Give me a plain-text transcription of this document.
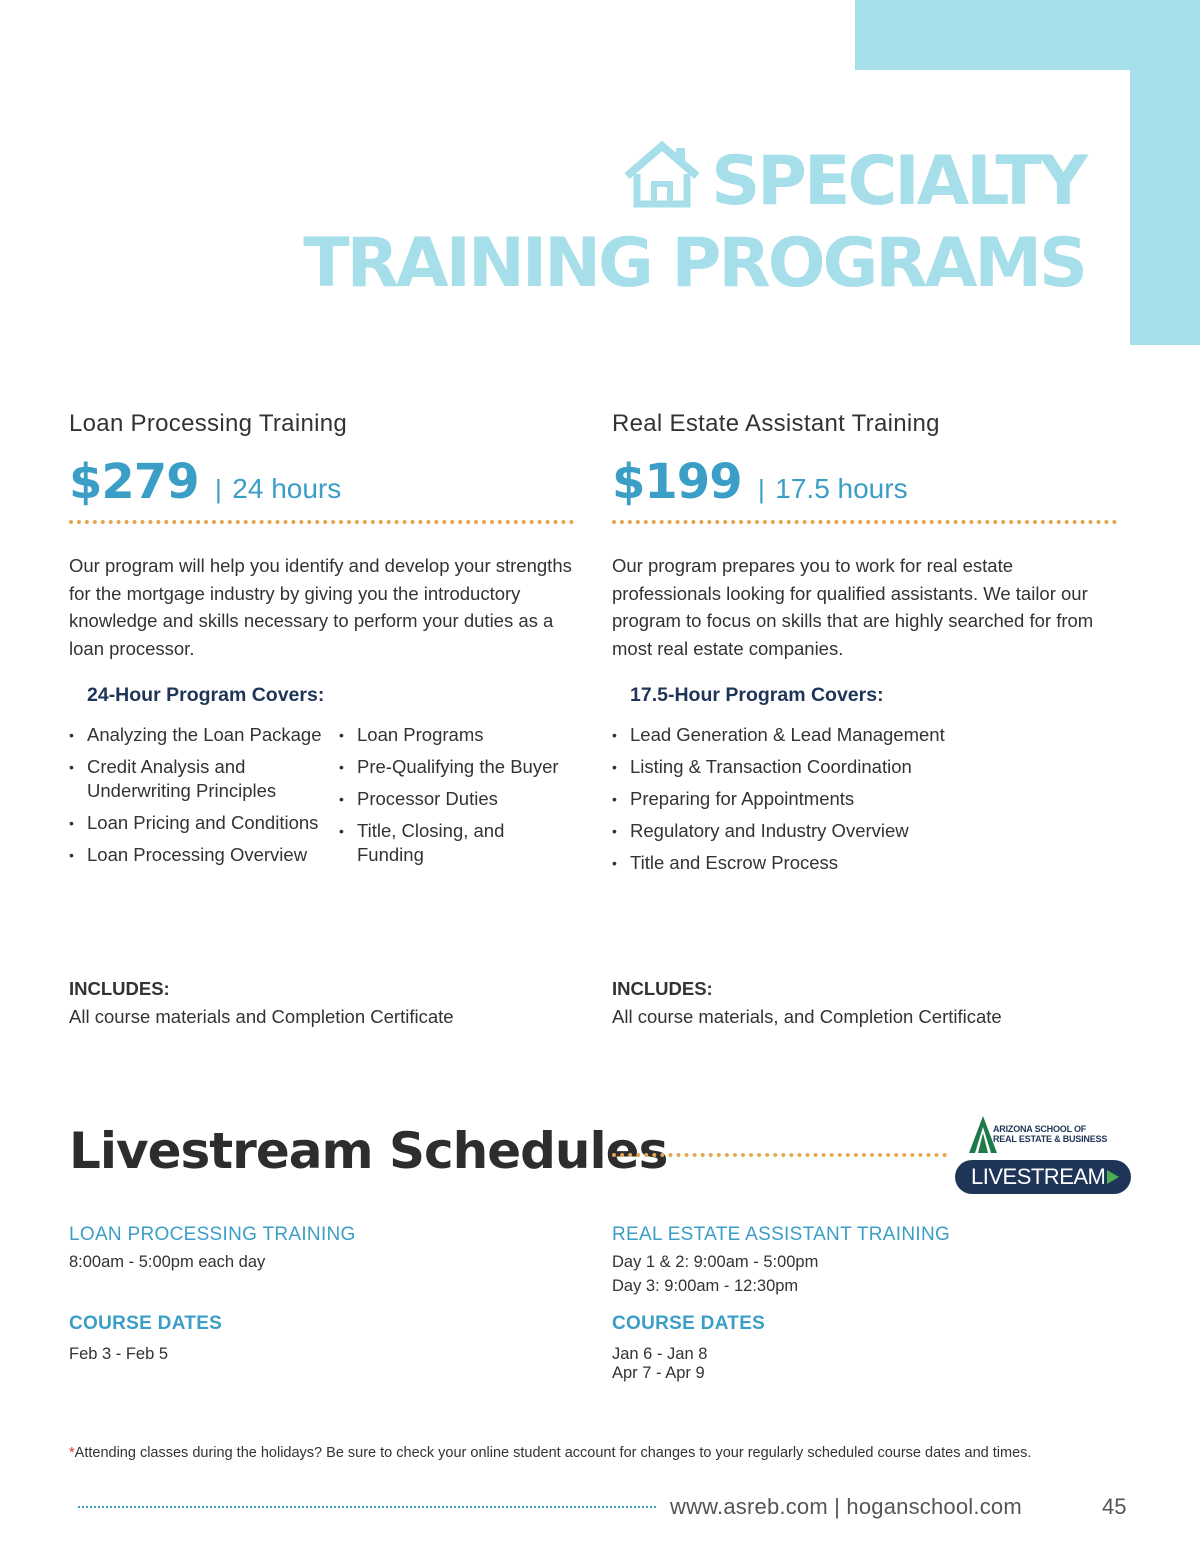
SPECIALTY
TRAINING PROGRAMS
Loan Processing Training
$279 | 24 hours
Our program will help you identify and develop your strengths for the mortgage industry by giving you the introductory knowledge and skills necessary to perform your duties as a loan processor.
24-Hour Program Covers:
• Analyzing the Loan Package
• Credit Analysis and Underwriting Principles
• Loan Pricing and Conditions
• Loan Processing Overview
• Loan Programs
• Pre-Qualifying the Buyer
• Processor Duties
• Title, Closing, and Funding
Real Estate Assistant Training
$199 | 17.5 hours
Our program prepares you to work for real estate professionals looking for qualified assistants. We tailor our program to focus on skills that are highly searched for from most real estate companies.
17.5-Hour Program Covers:
• Lead Generation & Lead Management
• Listing & Transaction Coordination
• Preparing for Appointments
• Regulatory and Industry Overview
• Title and Escrow Process
INCLUDES:
All course materials and Completion Certificate
INCLUDES:
All course materials, and Completion Certificate
Livestream Schedules	ARIZONA SCHOOL OF
REAL ESTATE & BUSINESS
LIVESTREAM
LOAN PROCESSING TRAINING
8:00am - 5:00pm each day
REAL ESTATE ASSISTANT TRAINING
Day 1 & 2: 9:00am - 5:00pm
Day 3: 9:00am - 12:30pm
COURSE DATES
Feb 3 - Feb 5
COURSE DATES
Jan 6 - Jan 8
Apr 7 - Apr 9
*Attending classes during the holidays? Be sure to check your online student account for changes to your regularly scheduled course dates and times.
www.asreb.com | hoganschool.com	45
